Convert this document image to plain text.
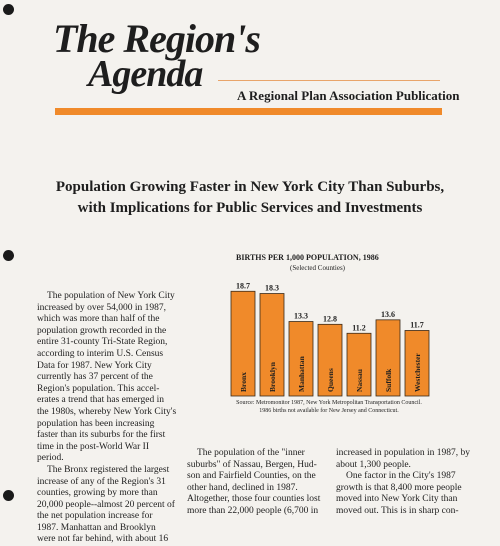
The Region's
Agenda
A Regional Plan Association Publication
Population Growing Faster in New York City Than Suburbs,
with Implications for Public Services and Investments

The population of New York City

increased by over 54,000 in 1987,
which was more than half of the
population growth recorded in the
entire 31-county Tri-State Region,
according to interim U.S. Census
Data for 1987. New York City
currently has 37 percent of the
Region's population. This accel-
erates a trend that has emerged in
the 1980s, whereby New York City's
population has been increasing
faster than its suburbs for the first
time in the post-World War II
period.

The Bronx registered the largest

increase of any of the Region's 31
counties, growing by more than
20,000 people--almost 20 percent of
the net population increase for
1987. Manhattan and Brooklyn
were not far behind, with about 16

The population of the "inner

suburbs" of Nassau, Bergen, Hud-
son and Fairfield Counties, on the
other hand, declined in 1987.
Altogether, those four counties lost
more than 22,000 people (6,700 in
increased in population in 1987, by
about 1,300 people.

One factor in the City's 1987

growth is that 8,400 more people
moved into New York City than
moved out. This is in sharp con-
BIRTHS PER 1,000 POPULATION, 1986
(Selected Counties)
18.7
Bronx
18.3
Brooklyn
13.3
Manhattan
12.8
Queens
11.2
Nassau
13.6
Suffolk
11.7
Westchester
Source: Metromonitor 1987, New York Metropolitan Transportation Council.
1986 births not available for New Jersey and Connecticut.
